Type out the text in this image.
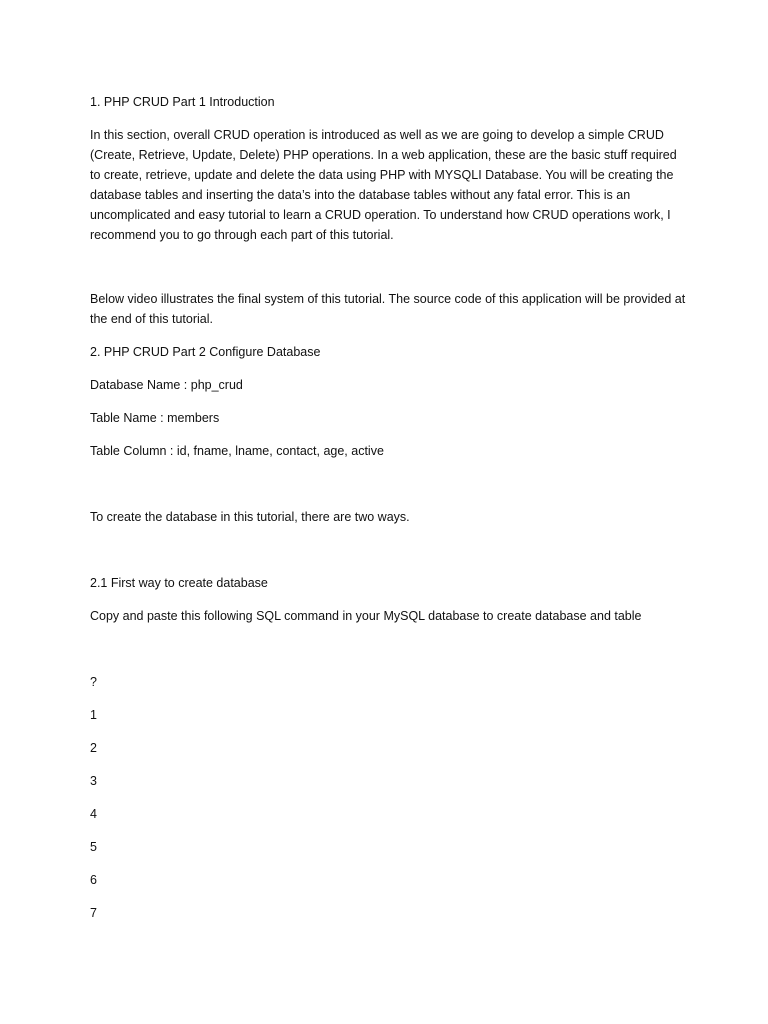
1. PHP CRUD Part 1 Introduction

In this section, overall CRUD operation is introduced as well as we are going to develop a simple CRUD (Create, Retrieve, Update, Delete) PHP operations. In a web application, these are the basic stuff required to create, retrieve, update and delete the data using PHP with MYSQLI Database. You will be creating the database tables and inserting the data’s into the database tables without any fatal error. This is an uncomplicated and easy tutorial to learn a CRUD operation. To understand how CRUD operations work, I recommend you to go through each part of this tutorial.

Below video illustrates the final system of this tutorial. The source code of this application will be provided at the end of this tutorial.

2. PHP CRUD Part 2 Configure Database

Database Name : php_crud

Table Name : members

Table Column : id, fname, lname, contact, age, active

To create the database in this tutorial, there are two ways.

2.1 First way to create database

Copy and paste this following SQL command in your MySQL database to create database and table

?

1

2

3

4

5

6

7
